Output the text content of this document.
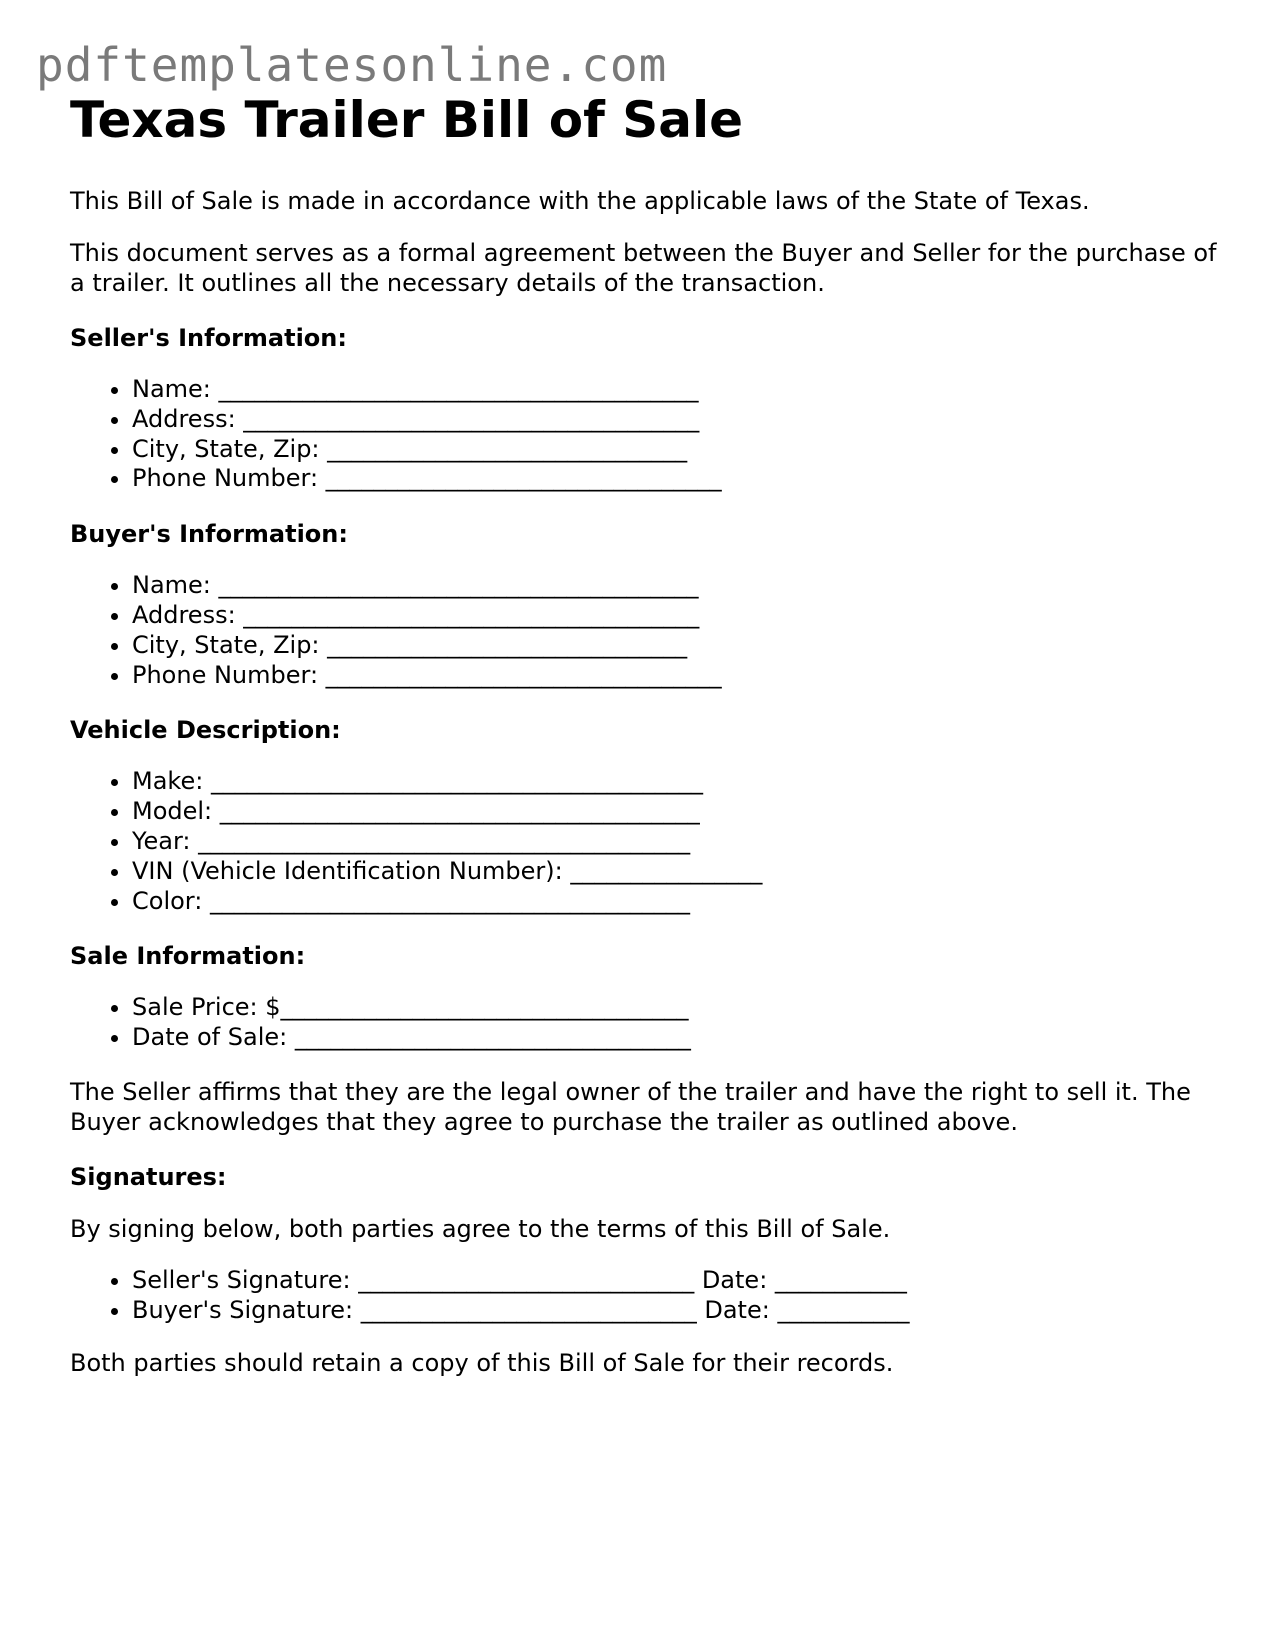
pdftemplatesonline.com
Texas Trailer Bill of Sale

This Bill of Sale is made in accordance with the applicable laws of the State of Texas.

This document serves as a formal agreement between the Buyer and Seller for the purchase of a trailer. It outlines all the necessary details of the transaction.

Seller's Information:
• Name: ________________________________________
• Address: ______________________________________
• City, State, Zip: ______________________________
• Phone Number: _________________________________
Buyer's Information:
• Name: ________________________________________
• Address: ______________________________________
• City, State, Zip: ______________________________
• Phone Number: _________________________________
Vehicle Description:
• Make: _________________________________________
• Model: ________________________________________
• Year: _________________________________________
• VIN (Vehicle Identification Number): ________________
• Color: ________________________________________
Sale Information:
• Sale Price: $__________________________________
• Date of Sale: _________________________________

The Seller affirms that they are the legal owner of the trailer and have the right to sell it. The Buyer acknowledges that they agree to purchase the trailer as outlined above.

Signatures:

By signing below, both parties agree to the terms of this Bill of Sale.

• Seller's Signature: ____________________________ Date: ___________
• Buyer's Signature: ____________________________ Date: ___________

Both parties should retain a copy of this Bill of Sale for their records.
